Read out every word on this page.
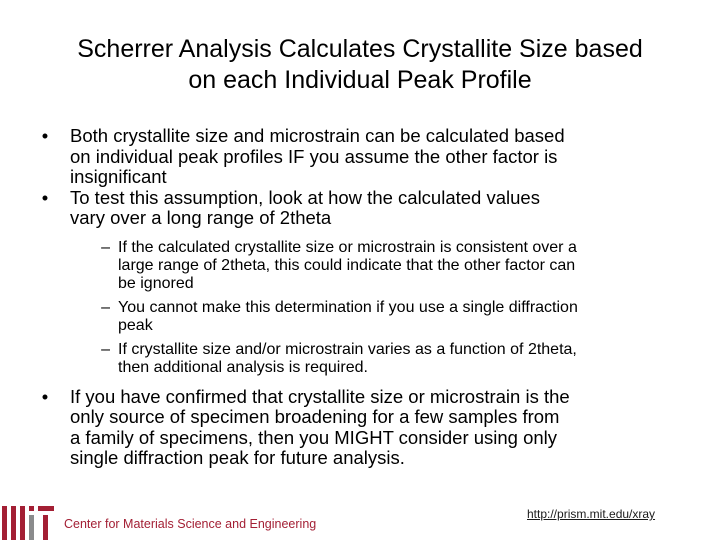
Scherrer Analysis Calculates Crystallite Size based
on each Individual Peak Profile
•	Both crystallite size and microstrain can be calculated based
on individual peak profiles IF you assume the other factor is
insignificant
•	To test this assumption, look at how the calculated values
vary over a long range of 2theta
– If the calculated crystallite size or microstrain is consistent over a
large range of 2theta, this could indicate that the other factor can
be ignored
– You cannot make this determination if you use a single diffraction
peak
– If crystallite size and/or microstrain varies as a function of 2theta,
then additional analysis is required.
•	If you have confirmed that crystallite size or microstrain is the
only source of specimen broadening for a few samples from
a family of specimens, then you MIGHT consider using only
single diffraction peak for future analysis.
Center for Materials Science and Engineering
http://prism.mit.edu/xray
